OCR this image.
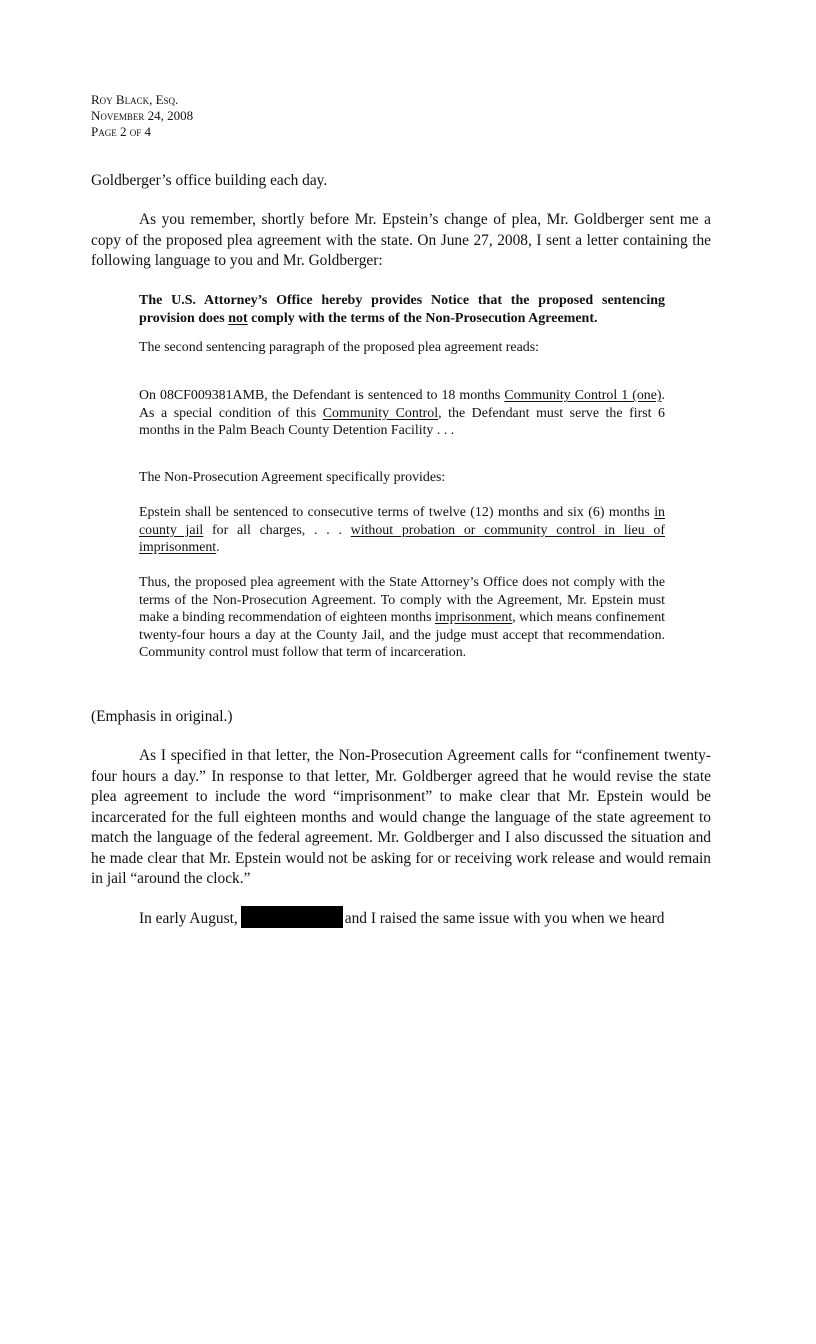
Roy Black, Esq.
November 24, 2008
Page 2 of 4

Goldberger’s office building each day.

As you remember, shortly before Mr. Epstein’s change of plea, Mr. Goldberger sent me a copy of the proposed plea agreement with the state. On June 27, 2008, I sent a letter containing the following language to you and Mr. Goldberger:

The U.S. Attorney’s Office hereby provides Notice that the proposed sentencing provision does not comply with the terms of the Non-Prosecution Agreement.

The second sentencing paragraph of the proposed plea agreement reads:

On 08CF009381AMB, the Defendant is sentenced to 18 months Community Control 1 (one). As a special condition of this Community Control, the Defendant must serve the first 6 months in the Palm Beach County Detention Facility . . .

The Non-Prosecution Agreement specifically provides:

Epstein shall be sentenced to consecutive terms of twelve (12) months and six (6) months in county jail for all charges, . . . without probation or community control in lieu of imprisonment.

Thus, the proposed plea agreement with the State Attorney’s Office does not comply with the terms of the Non-Prosecution Agreement. To comply with the Agreement, Mr. Epstein must make a binding recommendation of eighteen months imprisonment, which means confinement twenty-four hours a day at the County Jail, and the judge must accept that recommendation. Community control must follow that term of incarceration.

(Emphasis in original.)

As I specified in that letter, the Non-Prosecution Agreement calls for “confinement twenty-four hours a day.” In response to that letter, Mr. Goldberger agreed that he would revise the state plea agreement to include the word “imprisonment” to make clear that Mr. Epstein would be incarcerated for the full eighteen months and would change the language of the state agreement to match the language of the federal agreement. Mr. Goldberger and I also discussed the situation and he made clear that Mr. Epstein would not be asking for or receiving work release and would remain in jail “around the clock.”

In early August,	and I raised the same issue with you when we heard
